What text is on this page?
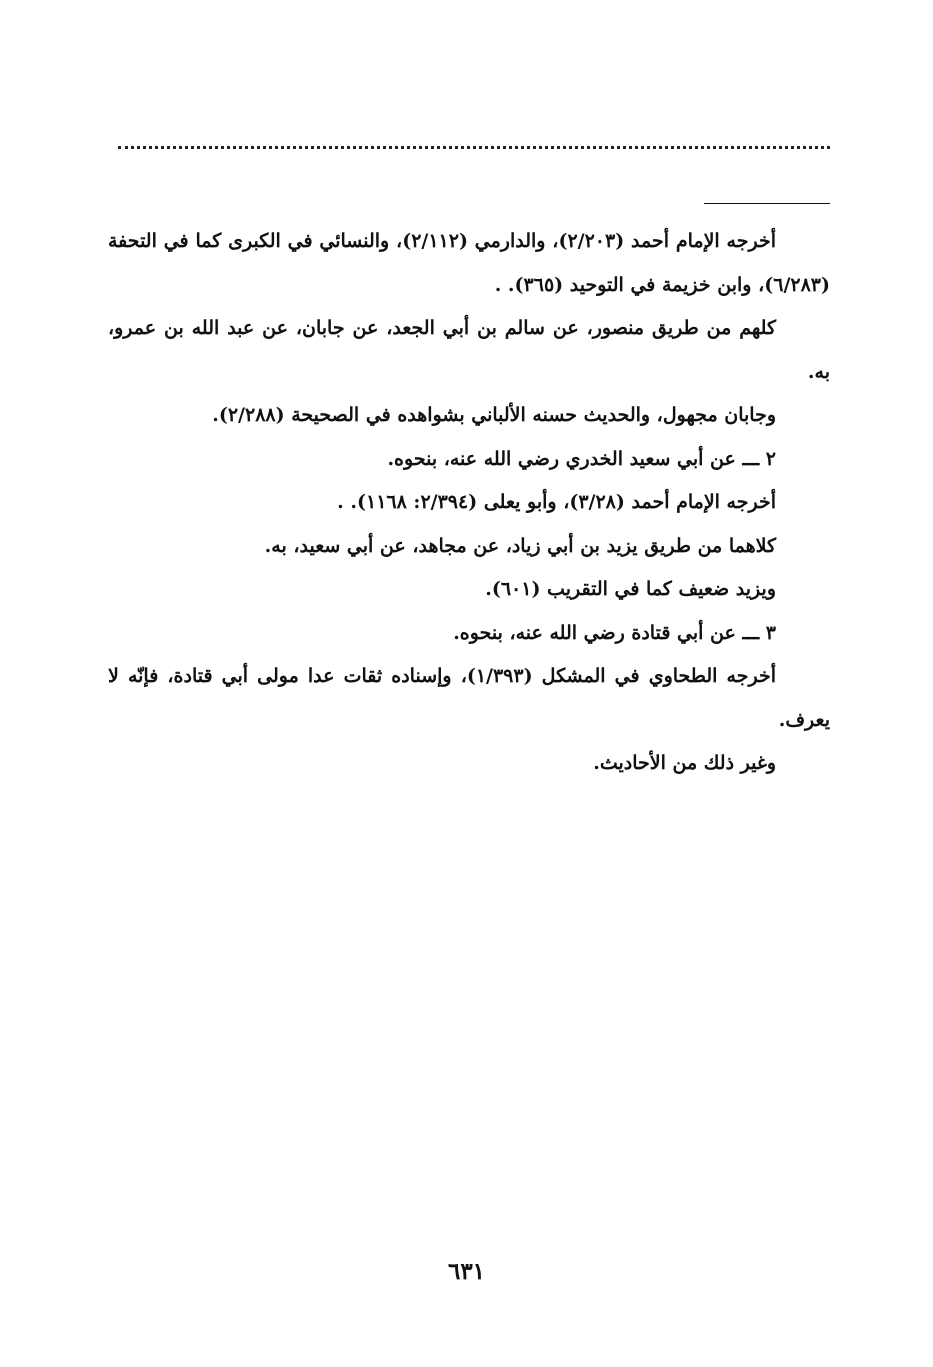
أخرجه الإمام أحمد (٢/٢٠٣)، والدارمي (٢/١١٢)، والنسائي في الكبرى كما في التحفة (٦/٢٨٣)، وابن خزيمة في التوحيد (٣٦٥). .

كلهم من طريق منصور، عن سالم بن أبي الجعد، عن جابان، عن عبد الله بن عمرو، به.

وجابان مجهول، والحديث حسنه الألباني بشواهده في الصحيحة (٢/٢٨٨).

٢ ـــ عن أبي سعيد الخدري رضي الله عنه، بنحوه.

أخرجه الإمام أحمد (٣/٢٨)، وأبو يعلى (٢/٣٩٤: ١١٦٨). .

كلاهما من طريق يزيد بن أبي زياد، عن مجاهد، عن أبي سعيد، به.

ويزيد ضعيف كما في التقريب (٦٠١).

٣ ـــ عن أبي قتادة رضي الله عنه، بنحوه.

أخرجه الطحاوي في المشكل (١/٣٩٣)، وإسناده ثقات عدا مولى أبي قتادة، فإنّه لا يعرف.

وغير ذلك من الأحاديث.

٦٣١
